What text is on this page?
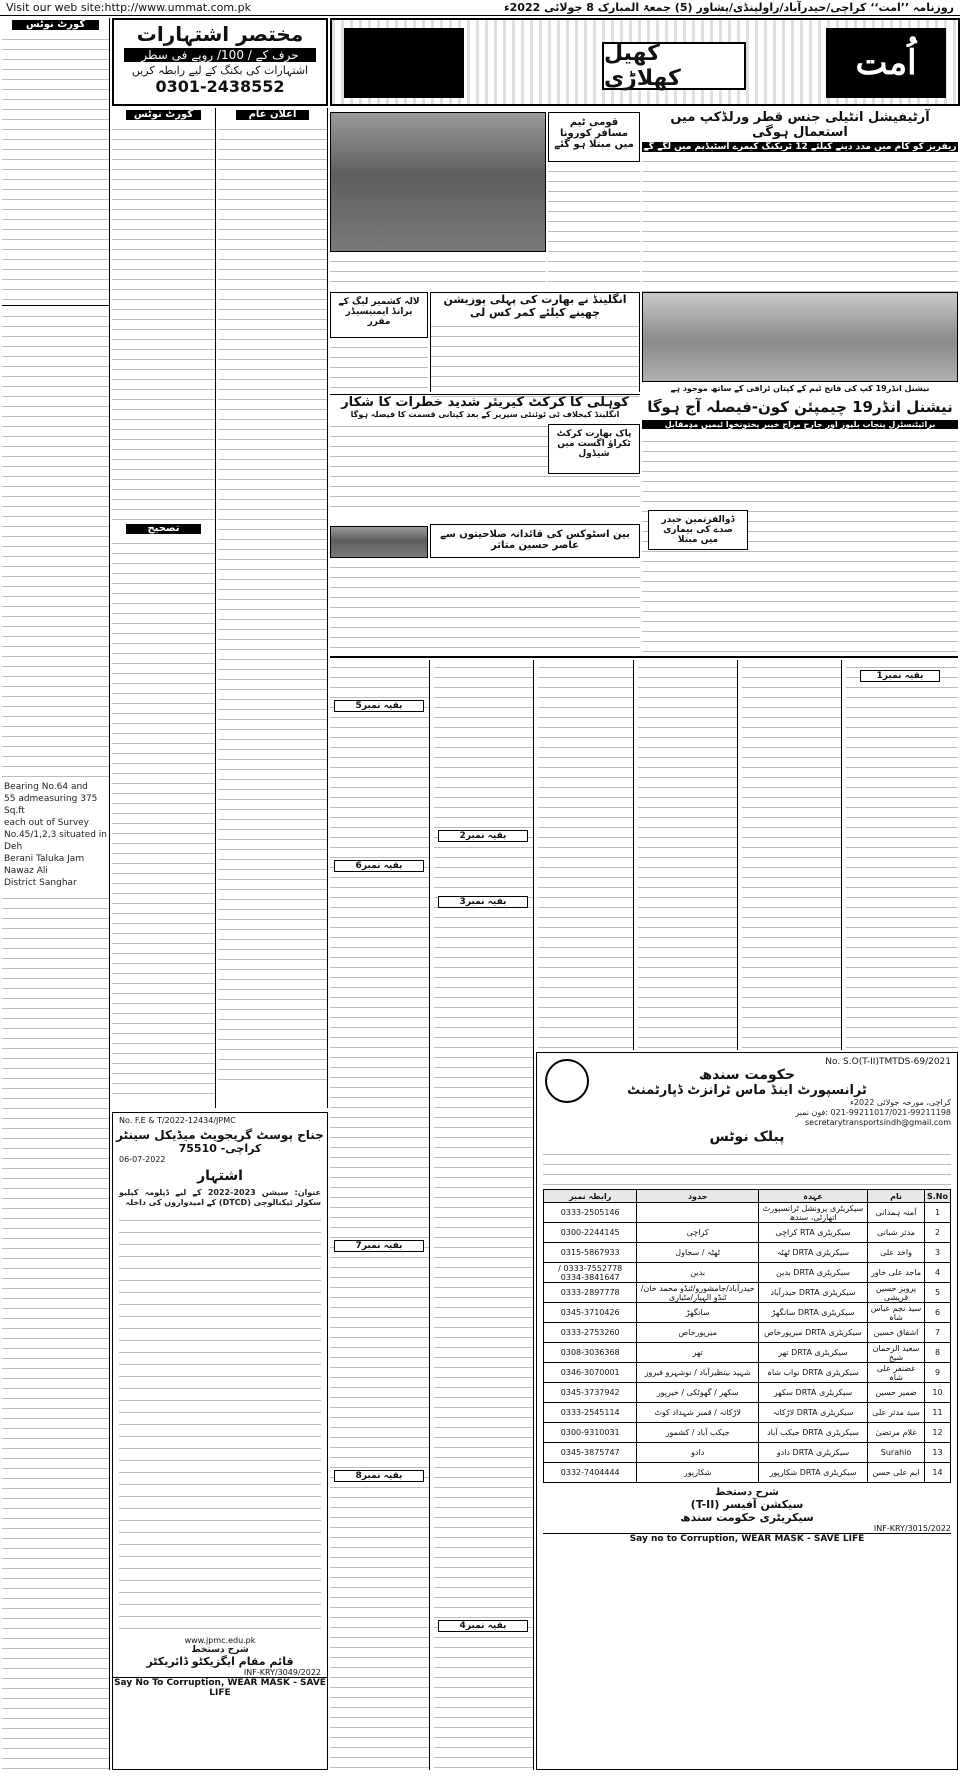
Visit our web site:http://www.ummat.com.pk	روزنامہ ’’امت‘‘ کراچی/حیدرآباد/راولپنڈی/پشاور (5) جمعۃ المبارک 8 جولائی 2022ء
کھیل کھلاڑی	اُمت
مختصر اشتہارات
حرف کے / 100/ روپے فی سطر
اشتہارات کی بکنگ کے لیے رابطہ کریں
0301-2438552
کورٹ نوٹس
Bearing No.64 and
55 admeasuring 375 Sq.ft
each out of Survey
No.45/1,2,3 situated in Deh
Berani Taluka Jam Nawaz Ali
District Sanghar
کورٹ نوٹس
تصحیح
اعلان عام
No. F.E & T/2022-12434/JPMC
جناح پوسٹ گریجویٹ میڈیکل سینٹر
کراچی- 75510
06-07-2022
اشتہار
عنوان: سیشن 2023-2022 کے لیے ڈپلومہ کیلیو سکولر ٹیکنالوجی (DTCD) کے امیدواروں کی داخلہ
www.jpmc.edu.pk
شرح دستخط
قائم مقام ایگزیکٹو ڈائریکٹر
INF-KRY/3049/2022
Say No To Corruption, WEAR MASK - SAVE LIFE
آرٹیفیشل انٹیلی جنس قطر ورلڈکپ میں استعمال ہوگی
ریفریز کو کام میں مدد دینے کیلئے 12 ٹریکنگ کیمرے اسٹیڈیم میں لگے گے
قومی ٹیم مسافر کورونا میں مبتلا ہو گئے
نیشنل انڈر19 کپ کی فاتح ٹیم کے کپتان ٹرافی کے ساتھ موجود ہے
نیشنل انڈر19 چیمپئن کون-فیصلہ آج ہوگا
برائیٹنسٹرل پنجاب بلیوز اور جارح مزاج خیبر پختونخوا ٹیمیں مدِمقابل
ڈوالفرتمین حیدر صدے کی بیماری میں مبتلا
انگلینڈ نے بھارت کی پہلی پوزیشن چھینے کیلئے کمر کس لی
لالہ کشمیر لیگ کے برانڈ ایمبیسیڈر مقرر
کوہلی کا کرکٹ کیریئر شدید خطرات کا شکار
انگلینڈ کیخلاف ٹی ٹوئنٹی سیریز کے بعد کپتانی قسمت کا فیصلہ ہوگا
پاک بھارت کرکٹ ٹکراؤ اگست میں شیڈول
بین اسٹوکس کی قائدانہ صلاحیتوں سے عاصر حسین متاثر
بقیہ نمبر5
بقیہ نمبر6
بقیہ نمبر2
بقیہ نمبر3
بقیہ نمبر1
بقیہ نمبر7
بقیہ نمبر8
بقیہ نمبر4
No. S.O(T-II)TMTDS-69/2021
حکومت سندھ
ٹرانسپورٹ اینڈ ماس ٹرانزٹ ڈپارٹمنٹ
کراچی، مورخہ جولائی 2022ء
021-99211017/021-99211198 :فون نمبر
secretarytransportsindh@gmail.com
پبلک نوٹس
S.No	نام	عہدہ	حدود	رابطہ نمبر
1	آمنہ ہمدانی	سیکریٹری پرونشل ٹرانسپورٹ اتھارٹی، سندھ		0333-2505146
2	مدثر شبانی	سیکریٹری RTA کراچی	کراچی	0300-2244145
3	واحد علی	سیکریٹری DRTA ٹھٹہ	ٹھٹہ / سجاول	0315-5867933
4	ماجد علی خاور	سیکریٹری DRTA بدین	بدین	0333-7552778 / 0334-3841647
5	پرویز حسین قریشی	سیکریٹری DRTA حیدرآباد	حیدرآباد/جامشورو/ٹنڈو محمد خان/ٹنڈو الہیار/مٹیاری	0333-2897778
6	سید نجم عباس شاہ	سیکریٹری DRTA سانگھڑ	سانگھڑ	0345-3710426
7	اشفاق حسین	سیکریٹری DRTA میرپورخاص	میرپورخاص	0333-2753260
8	سعید الرحمان شیخ	سیکریٹری DRTA تھر	تھر	0308-3036368
9	غضنفر علی شاہ	سیکریٹری DRTA نواب شاہ	شہید بینظیرآباد / نوشہرو فیروز	0346-3070001
10	ضمیر حسین	سیکریٹری DRTA سکھر	سکھر / گھوٹکی / خیرپور	0345-3737942
11	سید مدثر علی	سیکریٹری DRTA لاڑکانہ	لاڑکانہ / قمبر شہداد کوٹ	0333-2545114
12	غلام مرتضیٰ	سیکریٹری DRTA جیکب آباد	جیکب آباد / کشمور	0300-9310031
13	Surahio	سیکریٹری DRTA دادو	دادو	0345-3875747
14	ایم علی حسن	سیکریٹری DRTA شکارپور	شکارپور	0332-7404444
شرح دستخط
سیکشن آفیسر (T-II)
سیکریٹری حکومت سندھ
INF-KRY/3015/2022
Say no to Corruption, WEAR MASK - SAVE LIFE
